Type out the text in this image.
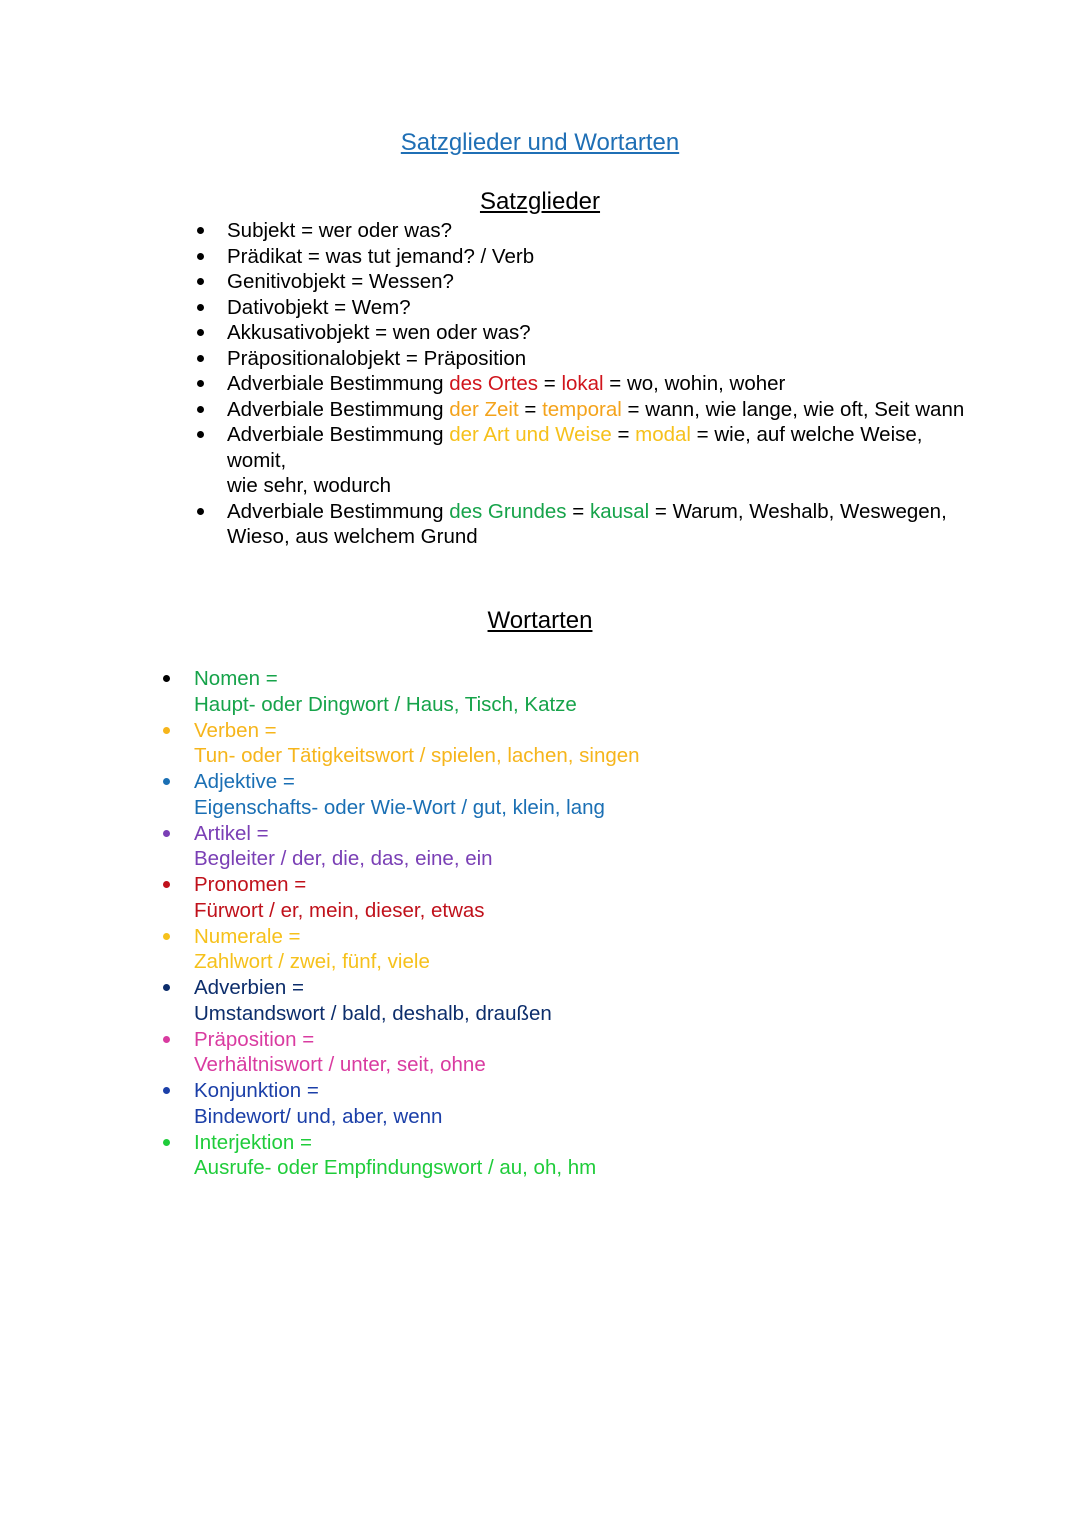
Satzglieder und Wortarten
Satzglieder
Subjekt = wer oder was?
Prädikat = was tut jemand? / Verb
Genitivobjekt = Wessen?
Dativobjekt = Wem?
Akkusativobjekt = wen oder was?
Präpositionalobjekt = Präposition
Adverbiale Bestimmung des Ortes = lokal = wo, wohin, woher
Adverbiale Bestimmung der Zeit = temporal = wann, wie lange, wie oft, Seit wann
Adverbiale Bestimmung der Art und Weise = modal = wie, auf welche Weise, womit,
wie sehr, wodurch
Adverbiale Bestimmung des Grundes = kausal = Warum, Weshalb, Weswegen, Wieso, aus welchem Grund
Wortarten
Nomen =
Haupt- oder Dingwort / Haus, Tisch, Katze
Verben =
Tun- oder Tätigkeitswort / spielen, lachen, singen
Adjektive =
Eigenschafts- oder Wie-Wort / gut, klein, lang
Artikel =
Begleiter / der, die, das, eine, ein
Pronomen =
Fürwort / er, mein, dieser, etwas
Numerale =
Zahlwort / zwei, fünf, viele
Adverbien =
Umstandswort / bald, deshalb, draußen
Präposition =
Verhältniswort / unter, seit, ohne
Konjunktion =
Bindewort/ und, aber, wenn
Interjektion =
Ausrufe- oder Empfindungswort / au, oh, hm
